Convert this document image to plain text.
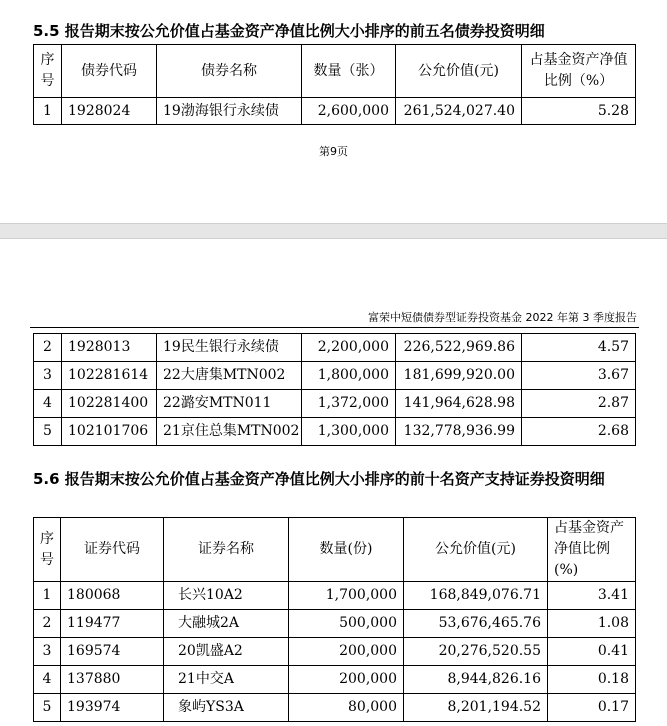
5.5 报告期末按公允价值占基金资产净值比例大小排序的前五名债券投资明细
序号	债券代码	债券名称	数量（张）	公允价值(元)	占基金资产净值比例（%）
1	1928024	19渤海银行永续债	2,600,000	261,524,027.40	5.28
第9页
富荣中短债债券型证券投资基金 2022 年第 3 季度报告
2	1928013	19民生银行永续债	2,200,000	226,522,969.86	4.57
3	102281614	22大唐集MTN002	1,800,000	181,699,920.00	3.67
4	102281400	22潞安MTN011	1,372,000	141,964,628.98	2.87
5	102101706	21京住总集MTN002	1,300,000	132,778,936.99	2.68
5.6 报告期末按公允价值占基金资产净值比例大小排序的前十名资产支持证券投资明细
序号	证券代码	证券名称	数量(份)	公允价值(元)	占基金资产净值比例(%)
1	180068	长兴10A2	1,700,000	168,849,076.71	3.41
2	119477	大融城2A	500,000	53,676,465.76	1.08
3	169574	20凯盛A2	200,000	20,276,520.55	0.41
4	137880	21中交A	200,000	8,944,826.16	0.18
5	193974	象屿YS3A	80,000	8,201,194.52	0.17
